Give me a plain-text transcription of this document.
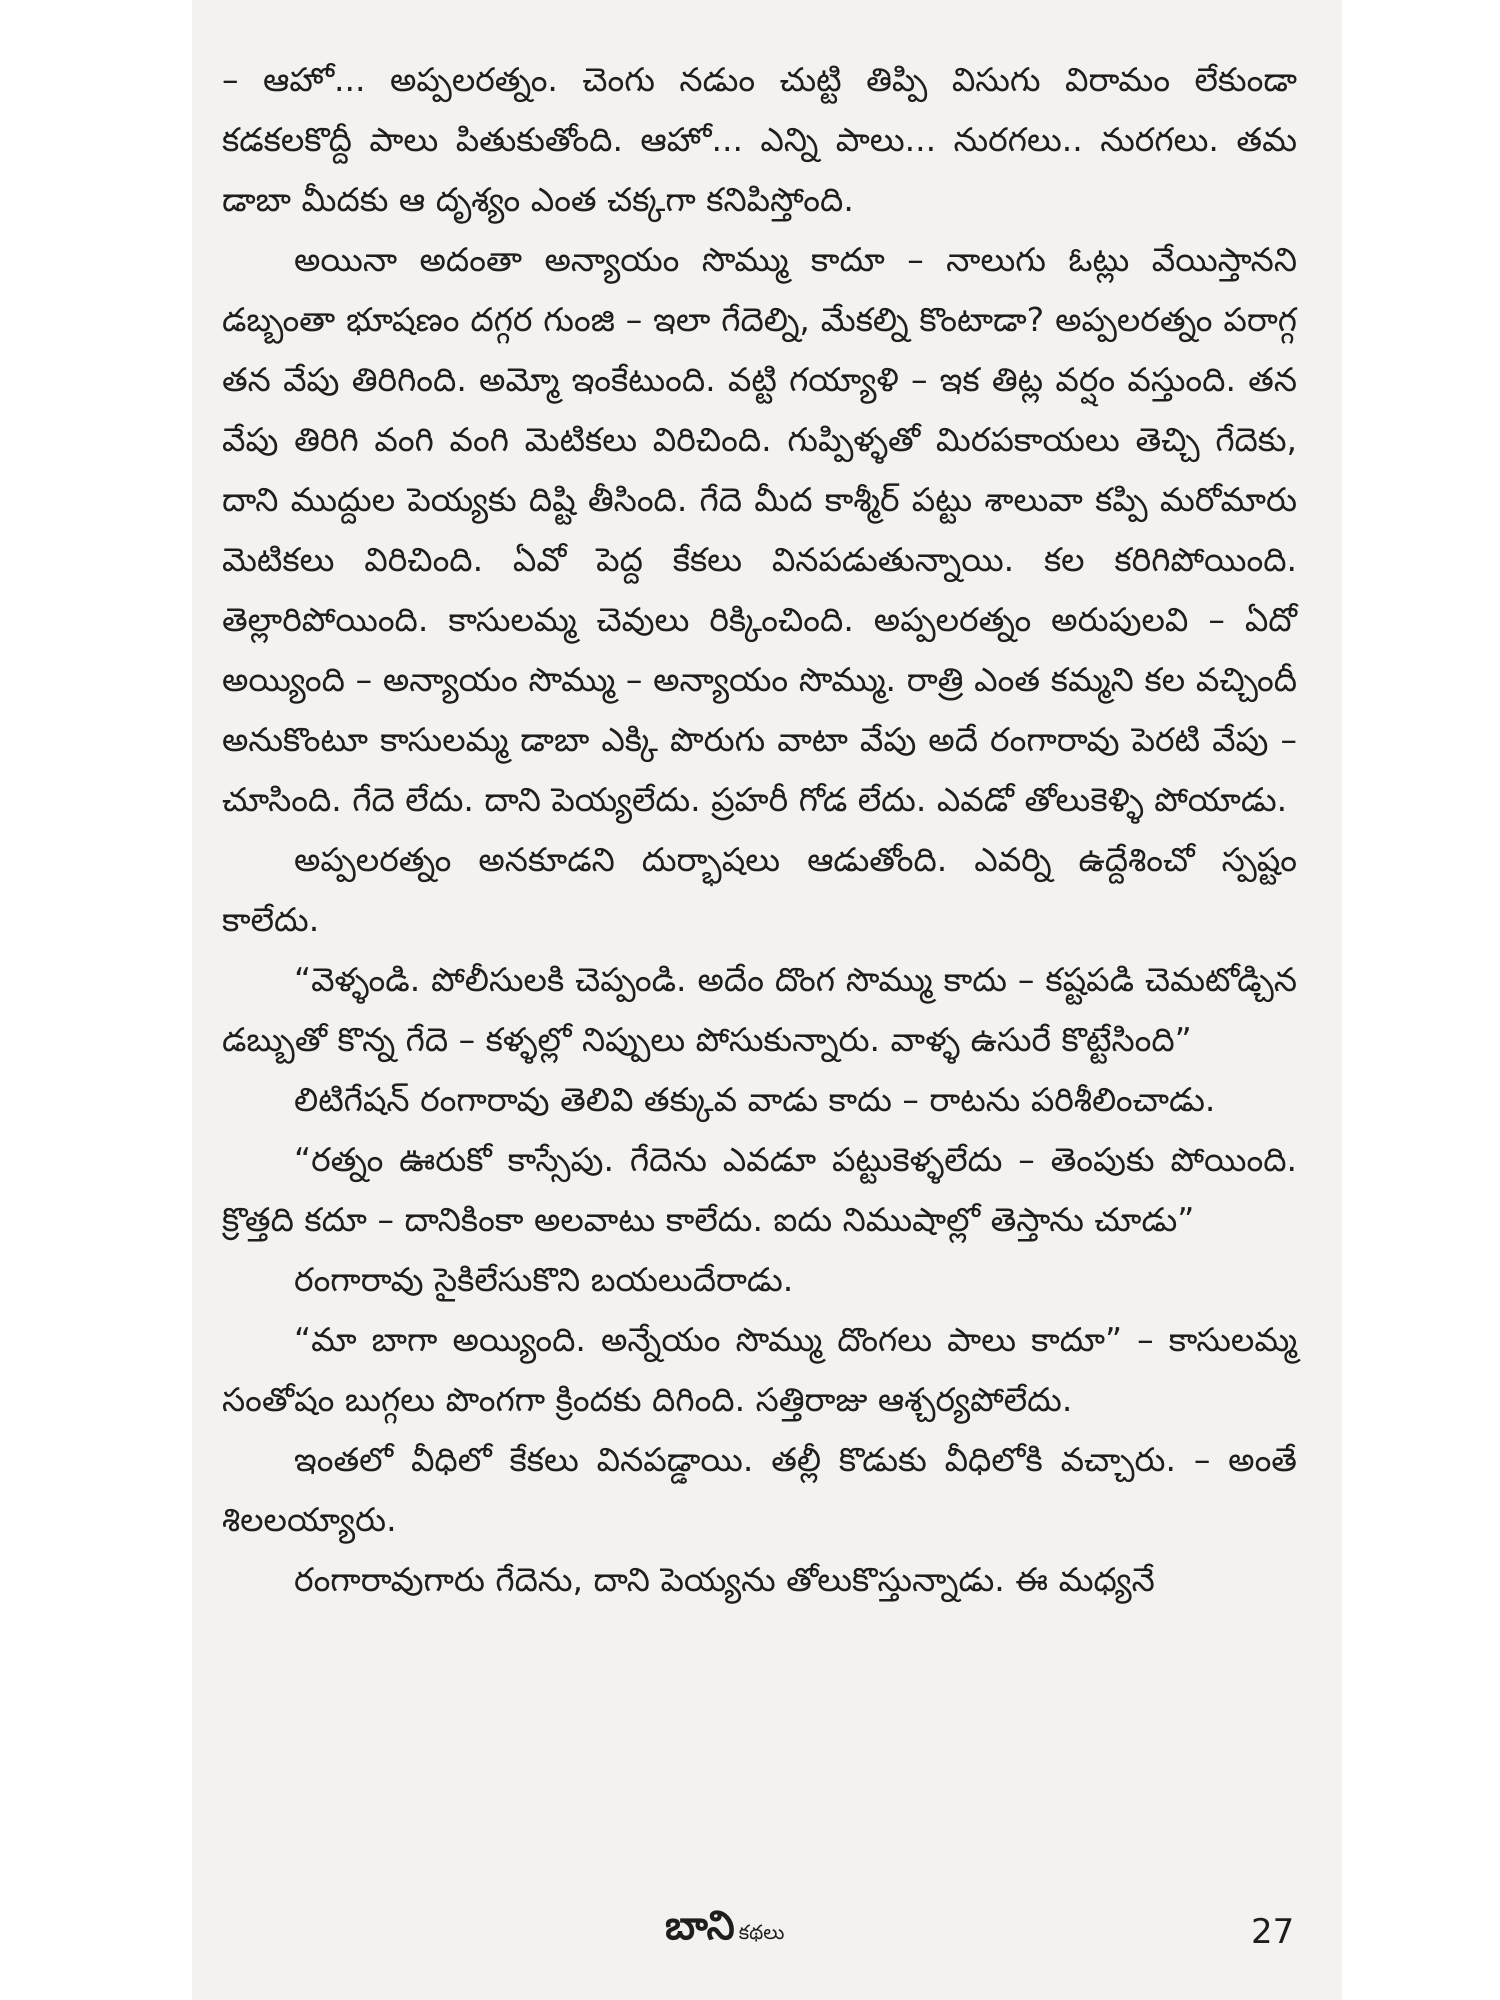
– ఆహో... అప్పలరత్నం. చెంగు నడుం చుట్టి తిప్పి విసుగు విరామం లేకుండా కడకలకొద్దీ పాలు పితుకుతోంది. ఆహో... ఎన్ని పాలు... నురగలు.. నురగలు. తమ డాబా మీదకు ఆ దృశ్యం ఎంత చక్కగా కనిపిస్తోంది.

అయినా అదంతా అన్యాయం సొమ్ము కాదూ – నాలుగు ఓట్లు వేయిస్తానని డబ్బంతా భూషణం దగ్గర గుంజి – ఇలా గేదెల్ని, మేకల్ని కొంటాడా? అప్పలరత్నం పరాగ్గ తన వేపు తిరిగింది. అమ్మో ఇంకేటుంది. వట్టి గయ్యాళి – ఇక తిట్ల వర్షం వస్తుంది. తన వేపు తిరిగి వంగి వంగి మెటికలు విరిచింది. గుప్పిళ్ళతో మిరపకాయలు తెచ్చి గేదెకు, దాని ముద్దుల పెయ్యకు దిష్టి తీసింది. గేదె మీద కాశ్మీర్ పట్టు శాలువా కప్పి మరోమారు మెటికలు విరిచింది. ఏవో పెద్ద కేకలు వినపడుతున్నాయి. కల కరిగిపోయింది. తెల్లారిపోయింది. కాసులమ్మ చెవులు రిక్కించింది. అప్పలరత్నం అరుపులవి – ఏదో అయ్యింది – అన్యాయం సొమ్ము – అన్యాయం సొమ్ము. రాత్రి ఎంత కమ్మని కల వచ్చిందీ అనుకొంటూ కాసులమ్మ డాబా ఎక్కి పొరుగు వాటా వేపు అదే రంగారావు పెరటి వేపు – చూసింది. గేదె లేదు. దాని పెయ్యలేదు. ప్రహరీ గోడ లేదు. ఎవడో తోలుకెళ్ళి పోయాడు.

అప్పలరత్నం అనకూడని దుర్భాషలు ఆడుతోంది. ఎవర్ని ఉద్దేశించో స్పష్టం కాలేదు.

“వెళ్ళండి. పోలీసులకి చెప్పండి. అదేం దొంగ సొమ్ము కాదు – కష్టపడి చెమటోడ్చిన డబ్బుతో కొన్న గేదె – కళ్ళల్లో నిప్పులు పోసుకున్నారు. వాళ్ళ ఉసురే కొట్టేసింది”

లిటిగేషన్ రంగారావు తెలివి తక్కువ వాడు కాదు – రాటను పరిశీలించాడు.

“రత్నం ఊరుకో కాస్సేపు. గేదెను ఎవడూ పట్టుకెళ్ళలేదు – తెంపుకు పోయింది. క్రొత్తది కదూ – దానికింకా అలవాటు కాలేదు. ఐదు నిముషాల్లో తెస్తాను చూడు”

రంగారావు సైకిలేసుకొని బయలుదేరాడు.

“మా బాగా అయ్యింది. అన్నేయం సొమ్ము దొంగలు పాలు కాదూ” – కాసులమ్మ సంతోషం బుగ్గలు పొంగగా క్రిందకు దిగింది. సత్తిరాజు ఆశ్చర్యపోలేదు.

ఇంతలో వీధిలో కేకలు వినపడ్డాయి. తల్లీ కొడుకు వీధిలోకి వచ్చారు. – అంతే శిలలయ్యారు.

రంగారావుగారు గేదెను, దాని పెయ్యను తోలుకొస్తున్నాడు. ఈ మధ్యనే

బాని కథలు	27
